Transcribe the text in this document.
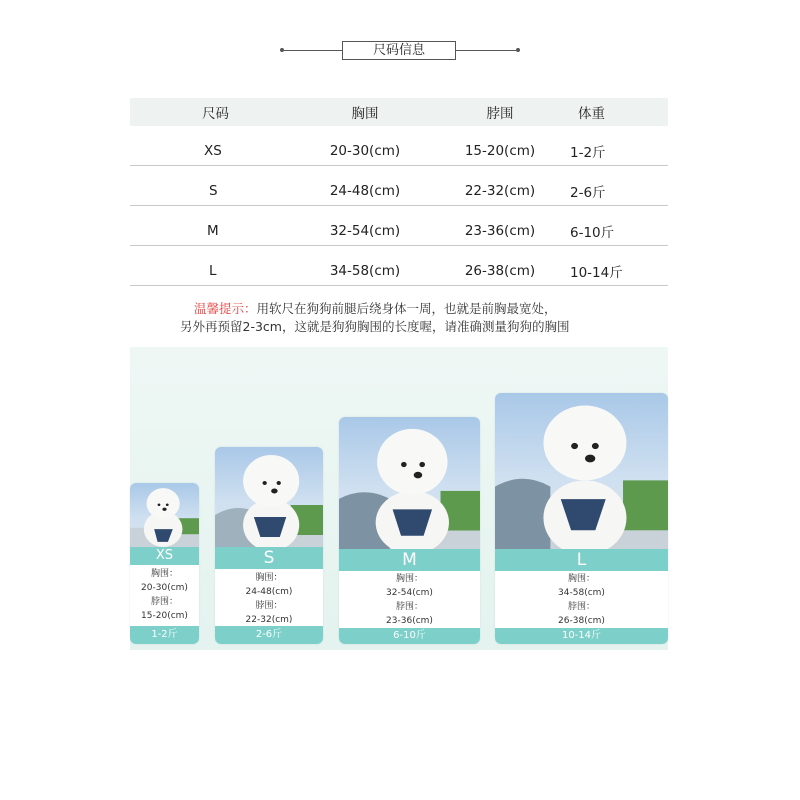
尺码信息
尺码	胸围	脖围	体重
XS	20-30(cm)	15-20(cm)	1-2斤
S	24-48(cm)	22-32(cm)	2-6斤
M	32-54(cm)	23-36(cm)	6-10斤
L	34-58(cm)	26-38(cm)	10-14斤
温馨提示：用软尺在狗狗前腿后绕身体一周，也就是前胸最宽处，
另外再预留2-3cm，这就是狗狗胸围的长度喔，请准确测量狗狗的胸围
XS
胸围：
20-30(cm)
脖围：
15-20(cm)
1-2斤
S
胸围：
24-48(cm)
脖围：
22-32(cm)
2-6斤
M
胸围：
32-54(cm)
脖围：
23-36(cm)
6-10斤
L
胸围：
34-58(cm)
脖围：
26-38(cm)
10-14斤
